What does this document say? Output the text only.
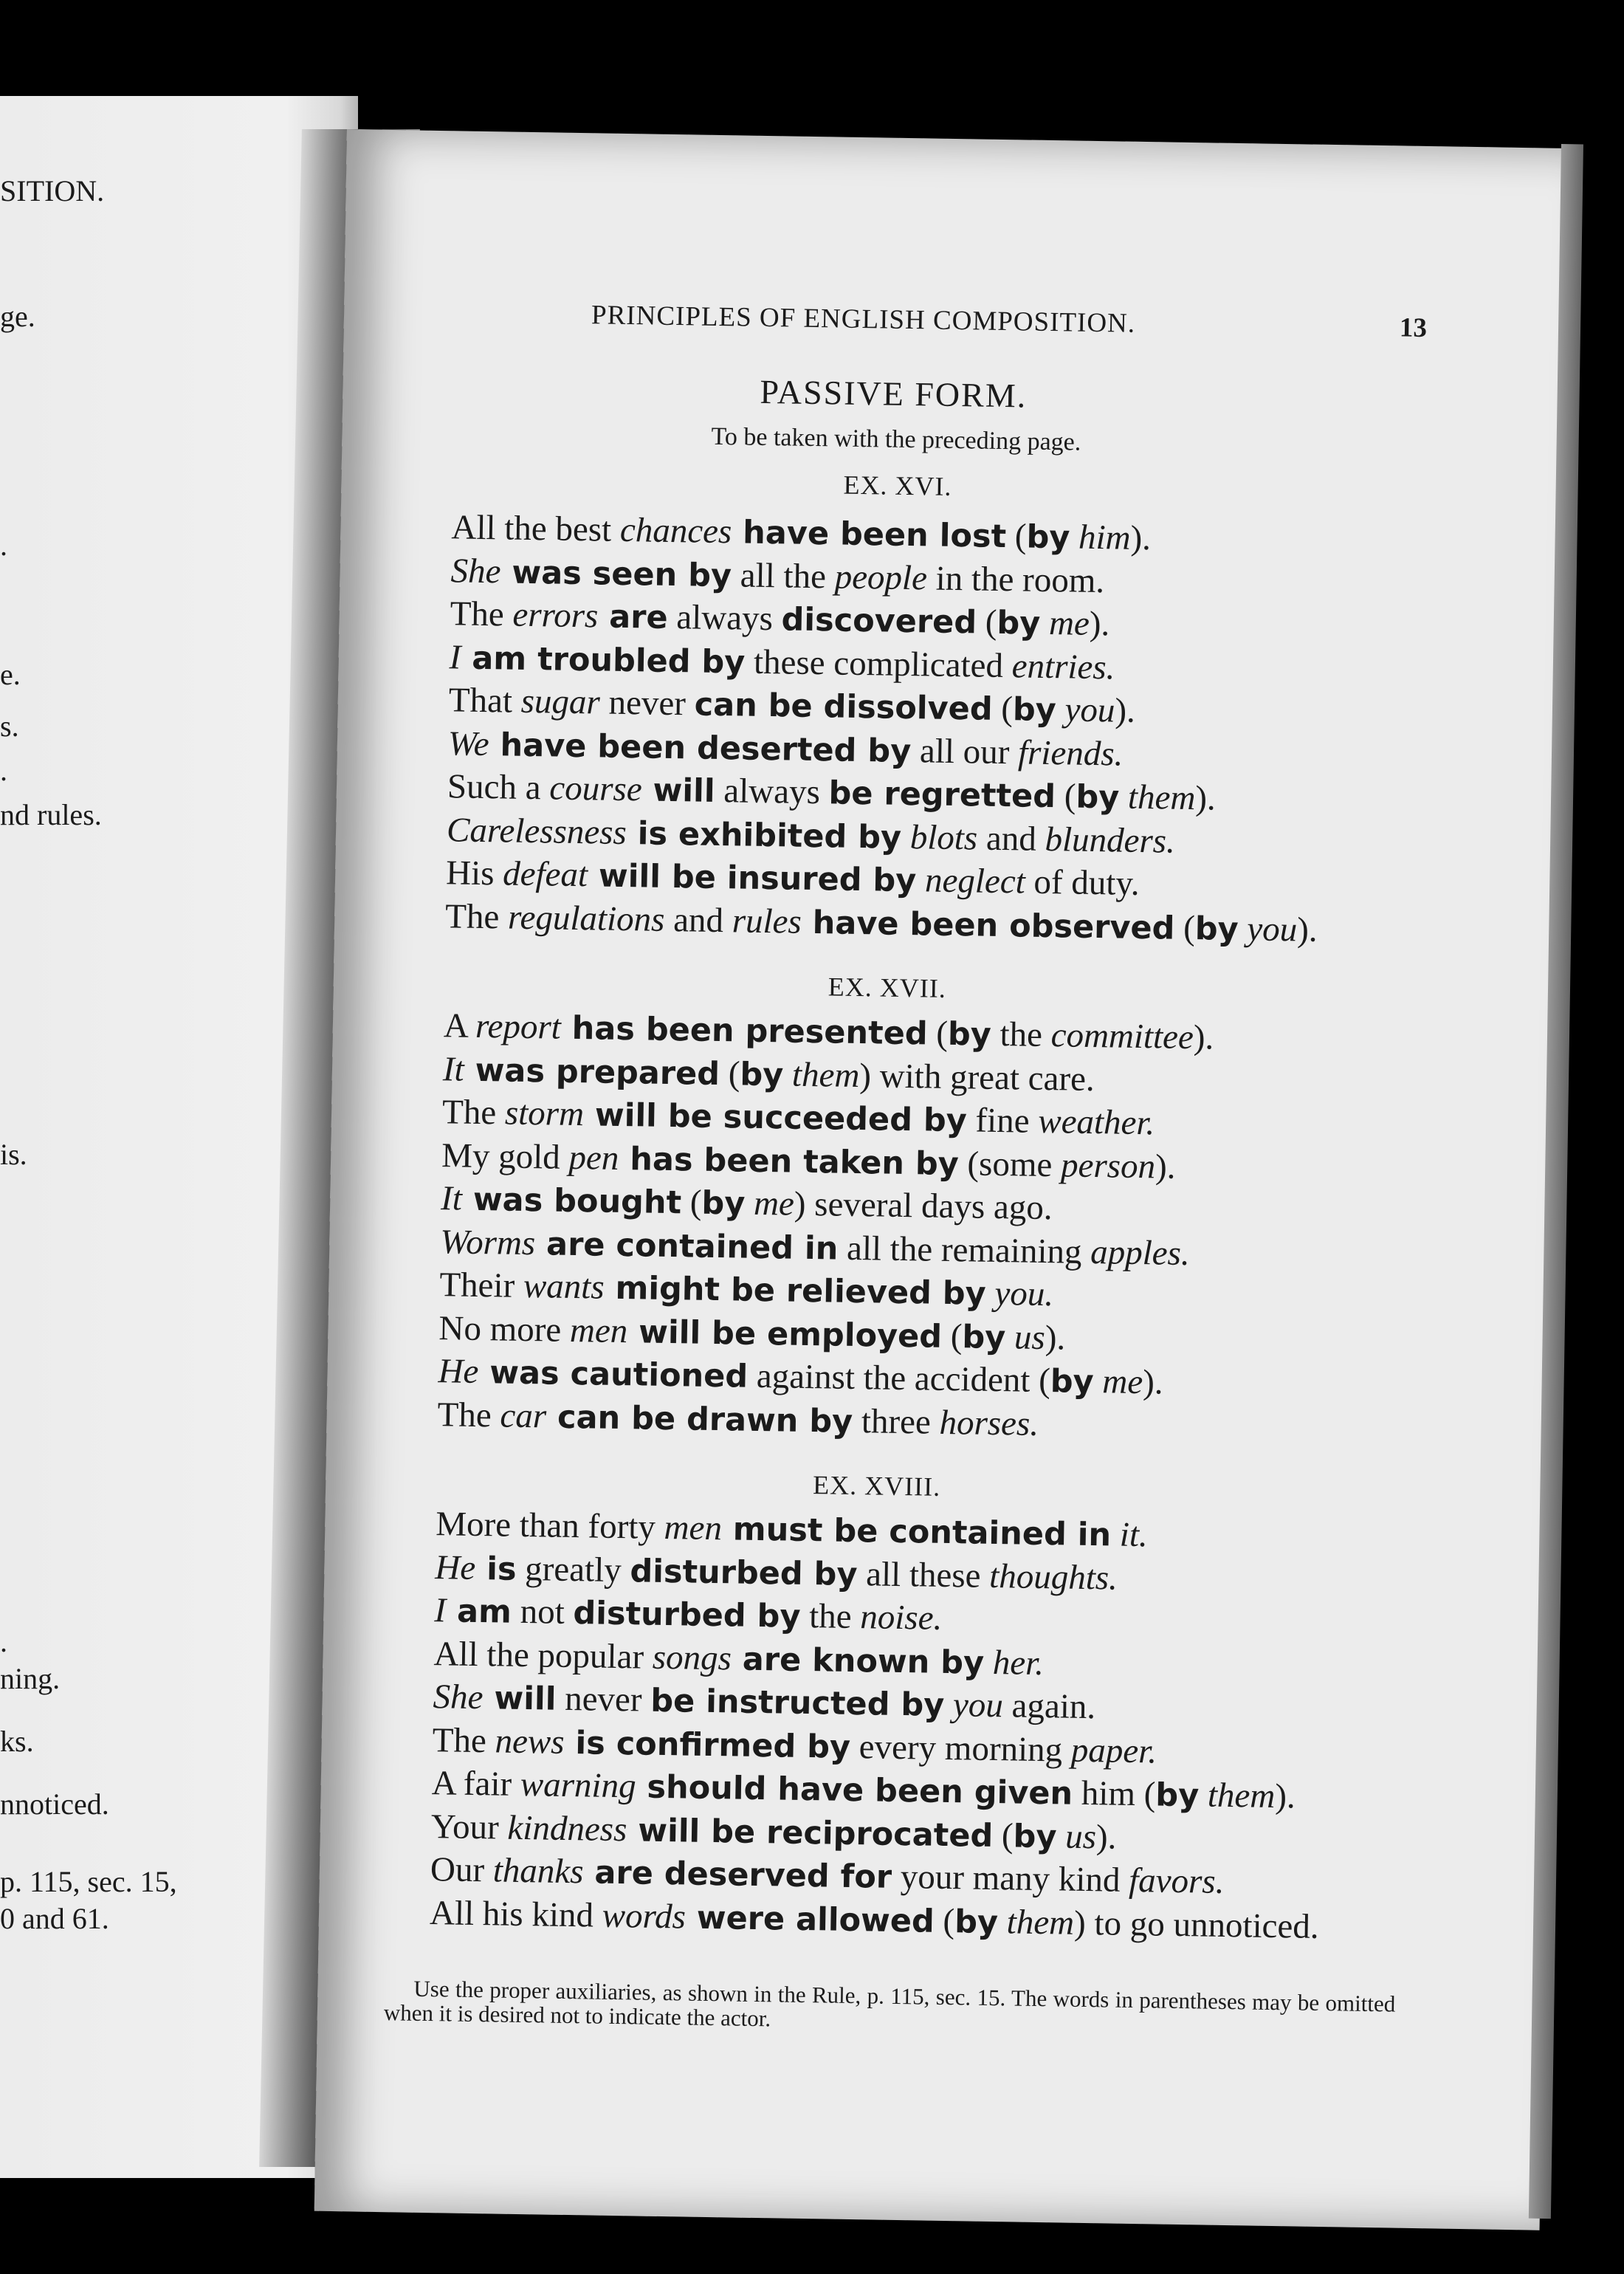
SITION.
ge.
.
e.
s.
.
nd rules.
is.
.
ning.
ks.
nnoticed.
p. 115, sec. 15,
0 and 61.
PRINCIPLES OF ENGLISH COMPOSITION.	13
PASSIVE FORM.
To be taken with the preceding page.
EX. XVI.
All the best chances have been lost (by him).
She was seen by all the people in the room.
The errors are always discovered (by me).
I am troubled by these complicated entries.
That sugar never can be dissolved (by you).
We have been deserted by all our friends.
Such a course will always be regretted (by them).
Carelessness is exhibited by blots and blunders.
His defeat will be insured by neglect of duty.
The regulations and rules have been observed (by you).
EX. XVII.
A report has been presented (by the committee).
It was prepared (by them) with great care.
The storm will be succeeded by fine weather.
My gold pen has been taken by (some person).
It was bought (by me) several days ago.
Worms are contained in all the remaining apples.
Their wants might be relieved by you.
No more men will be employed (by us).
He was cautioned against the accident (by me).
The car can be drawn by three horses.
EX. XVIII.
More than forty men must be contained in it.
He is greatly disturbed by all these thoughts.
I am not disturbed by the noise.
All the popular songs are known by her.
She will never be instructed by you again.
The news is confirmed by every morning paper.
A fair warning should have been given him (by them).
Your kindness will be reciprocated (by us).
Our thanks are deserved for your many kind favors.
All his kind words were allowed (by them) to go unnoticed.

Use the proper auxiliaries, as shown in the Rule, p. 115, sec. 15. The words in parentheses may be omitted when it is desired not to indicate the actor.
